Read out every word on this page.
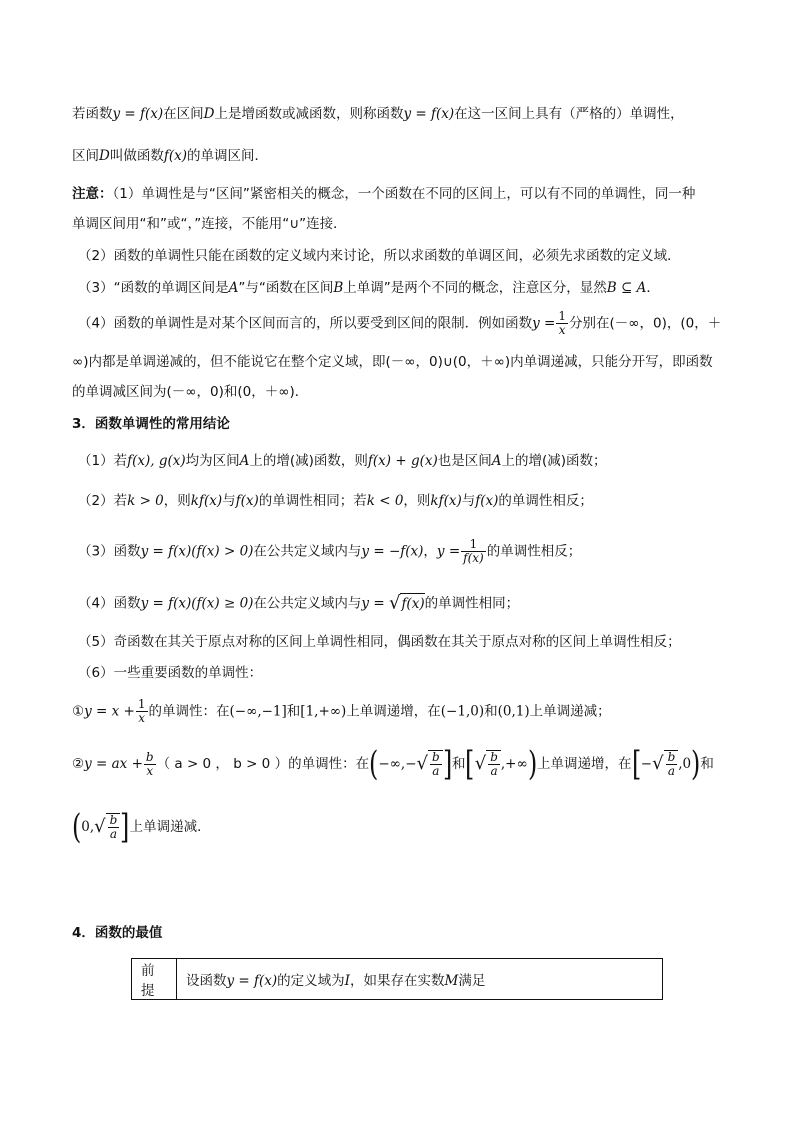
若函数y = f(x)在区间D上是增函数或减函数，则称函数y = f(x)在这一区间上具有（严格的）单调性，
区间D叫做函数f(x)的单调区间．
注意：（1）单调性是与“区间”紧密相关的概念，一个函数在不同的区间上，可以有不同的单调性，同一种
单调区间用“和”或“，”连接，不能用“∪”连接．
（2）函数的单调性只能在函数的定义域内来讨论，所以求函数的单调区间，必须先求函数的定义域．
（3）“函数的单调区间是A”与“函数在区间B上单调”是两个不同的概念，注意区分，显然B ⊆ A．
（4）函数的单调性是对某个区间而言的，所以要受到区间的限制．例如函数$y = \frac{1}{x}$ 分别在(－∞，0)，(0，＋
∞)内都是单调递减的，但不能说它在整个定义域，即(－∞，0)∪(0，＋∞)内单调递减，只能分开写，即函数
的单调减区间为(－∞，0)和(0，＋∞)．
3．函数单调性的常用结论
（1）若f(x), g(x)均为区间A上的增(减)函数，则f(x) + g(x)也是区间A上的增(减)函数；
（2）若k > 0，则kf(x)与f(x)的单调性相同；若k < 0，则kf(x)与f(x)的单调性相反；
（3）函数y = f(x)(f(x) > 0)在公共定义域内与y = −f(x)，$y = \frac{1}{f(x)}$ 的单调性相反；
（4）函数y = f(x)(f(x) ≥ 0)在公共定义域内与y = √f(x)的单调性相同；
（5）奇函数在其关于原点对称的区间上单调性相同，偶函数在其关于原点对称的区间上单调性相反；
（6）一些重要函数的单调性：
①y = $x + \frac{1}{x}$ 的单调性：在(−∞,−1]和[1,+∞)上单调递增，在(−1,0)和(0,1)上单调递减；
②y = ax + $\frac{b}{x}$ （ a > 0 ， b > 0 ）的单调性：在(−∞,−√ $\frac{b}{a}$ ]和[√ $\frac{b}{a}$ ,+∞)上单调递增，在[−√ $\frac{b}{a} ,0$)和
($0,√ \frac{b}{a}$ ]上单调递减．
4．函数的最值
前提	设函数y = f(x)的定义域为I，如果存在实数M满足
